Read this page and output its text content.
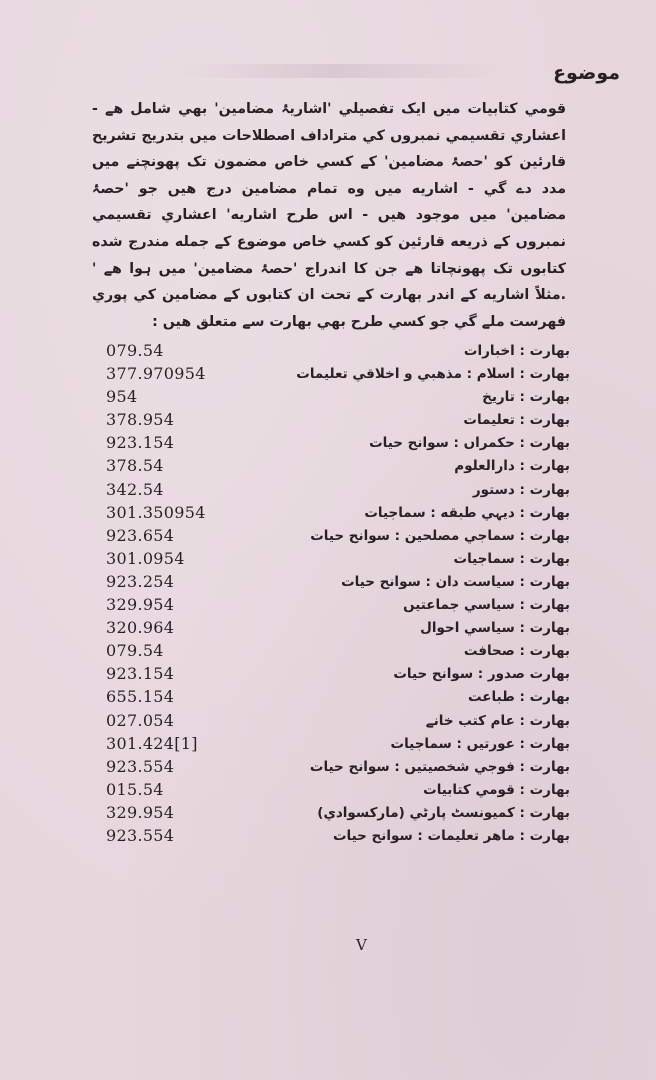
موضوع
قومي كتابيات ميں ايک تفصيلي 'اشاريۂ مضامين' بھي شامل ھے - اعشاري تقسيمي نمبروں كي متراداف اصطلاحات ميں بتدريج تشريح قارئين كو 'حصۂ مضامين' كے كسي خاص مضمون تک پهونچنے ميں مدد دے گي - اشاريه ميں وه تمام مضامين درج هيں جو 'حصۂ مضامين' ميں موجود هيں - اس طرح اشاريه' اعشاري تقسيمي نمبروں كے ذريعه قارئين كو كسي خاص موضوع كے جمله مندرج شده كتابوں تک پهونچاتا ھے جن كا اندراج 'حصۂ مضامين' ميں ہوا ھے ' .مثلاً اشاريه كے اندر بهارت كے تحت ان كتابوں كے مضامين كي پوري فهرست ملے گي جو كسي طرح بهي بهارت سے متعلق هيں :
079.54	بھارت : اخبارات
377.970954	بھارت : اسلام : مذھبي و اخلاقي تعليمات
954	بھارت : تاريخ
378.954	بھارت : تعليمات
923.154	بھارت : حکمراں : سوانح حيات
378.54	بھارت : دارالعلوم
342.54	بھارت : دستور
301.350954	بھارت : ديہي طبقه : سماجيات
923.654	بھارت : سماجي مصلحين : سوانح حيات
301.0954	بھارت : سماجيات
923.254	بھارت : سياست دان : سوانح حيات
329.954	بھارت : سياسي جماعتيں
320.964	بھارت : سياسي احوال
079.54	بھارت : صحافت
923.154	بھارت صدور : سوانح حيات
655.154	بھارت : طباعت
027.054	بھارت : عام كتب خانے
301.424[1]	بھارت : عورتيں : سماجيات
923.554	بھارت : فوجي شخصيتيں : سوانح حيات
015.54	بھارت : قومي كتابيات
329.954	بھارت : كميونسٹ پارٹي (ماركسوادي)
923.554	بھارت : ماهر تعليمات : سوانح حيات
V
